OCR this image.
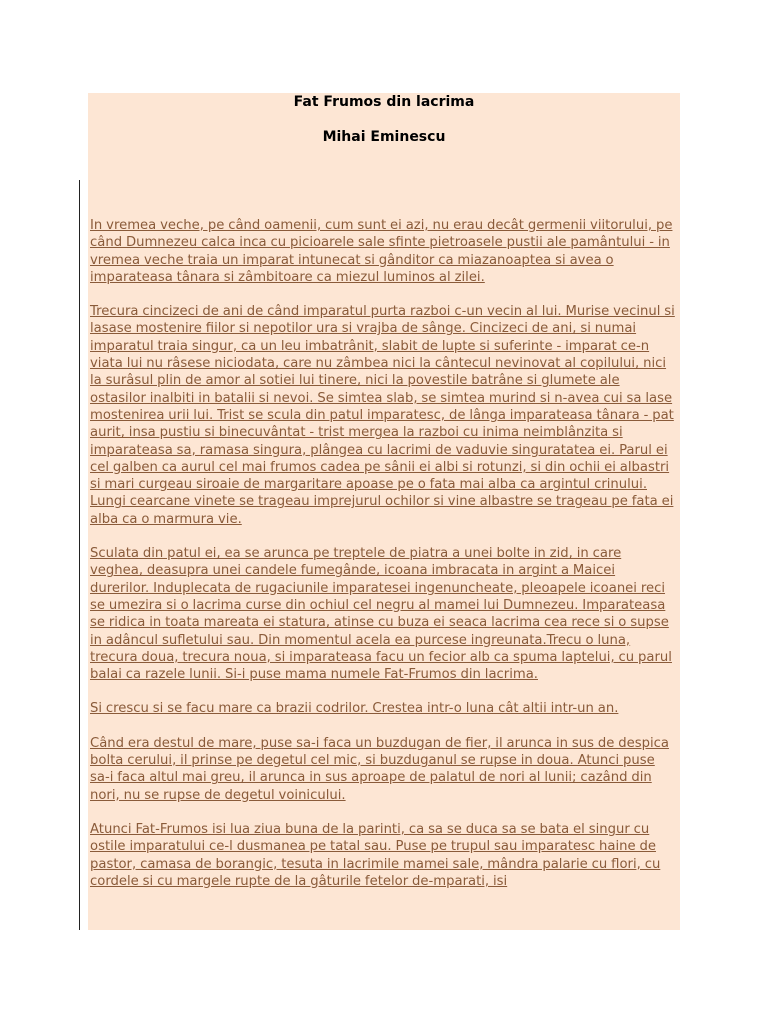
Fat Frumos din lacrima
Mihai Eminescu

In vremea veche, pe când oamenii, cum sunt ei azi, nu erau decât germenii viitorului, pe când Dumnezeu calca inca cu picioarele sale sfinte pietroasele pustii ale pamântului - in vremea veche traia un imparat intunecat si gânditor ca miazanoaptea si avea o imparateasa tânara si zâmbitoare ca miezul luminos al zilei.

Trecura cincizeci de ani de când imparatul purta razboi c-un vecin al lui. Murise vecinul si lasase mostenire fiilor si nepotilor ura si vrajba de sânge. Cincizeci de ani, si numai imparatul traia singur, ca un leu imbatrânit, slabit de lupte si suferinte - imparat ce-n viata lui nu râsese niciodata, care nu zâmbea nici la cântecul nevinovat al copilului, nici la surâsul plin de amor al sotiei lui tinere, nici la povestile batrâne si glumete ale ostasilor inalbiti in batalii si nevoi. Se simtea slab, se simtea murind si n-avea cui sa lase mostenirea urii lui. Trist se scula din patul imparatesc, de lânga imparateasa tânara - pat aurit, insa pustiu si binecuvântat - trist mergea la razboi cu inima neimblânzita si imparateasa sa, ramasa singura, plângea cu lacrimi de vaduvie singuratatea ei. Parul ei cel galben ca aurul cel mai frumos cadea pe sânii ei albi si rotunzi, si din ochii ei albastri si mari curgeau siroaie de margaritare apoase pe o fata mai alba ca argintul crinului. Lungi cearcane vinete se trageau imprejurul ochilor si vine albastre se trageau pe fata ei alba ca o marmura vie.

Sculata din patul ei, ea se arunca pe treptele de piatra a unei bolte in zid, in care veghea, deasupra unei candele fumegânde, icoana imbracata in argint a Maicei durerilor. Induplecata de rugaciunile imparatesei ingenuncheate, pleoapele icoanei reci se umezira si o lacrima curse din ochiul cel negru al mamei lui Dumnezeu. Imparateasa se ridica in toata mareata ei statura, atinse cu buza ei seaca lacrima cea rece si o supse in adâncul sufletului sau. Din momentul acela ea purcese ingreunata.Trecu o luna, trecura doua, trecura noua, si imparateasa facu un fecior alb ca spuma laptelui, cu parul balai ca razele lunii. Si-i puse mama numele Fat-Frumos din lacrima.

Si crescu si se facu mare ca brazii codrilor. Crestea intr-o luna cât altii intr-un an.

Când era destul de mare, puse sa-i faca un buzdugan de fier, il arunca in sus de despica bolta cerului, il prinse pe degetul cel mic, si buzduganul se rupse in doua. Atunci puse sa-i faca altul mai greu, il arunca in sus aproape de palatul de nori al lunii; cazând din nori, nu se rupse de degetul voinicului.

Atunci Fat-Frumos isi lua ziua buna de la parinti, ca sa se duca sa se bata el singur cu ostile imparatului ce-l dusmanea pe tatal sau. Puse pe trupul sau imparatesc haine de pastor, camasa de borangic, tesuta in lacrimile mamei sale, mândra palarie cu flori, cu cordele si cu margele rupte de la gâturile fetelor de-mparati, isi
